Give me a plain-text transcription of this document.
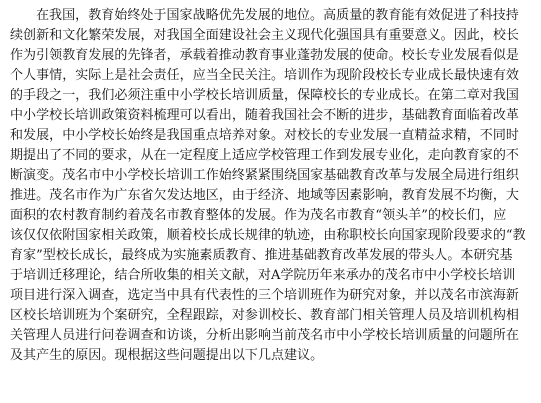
在我国，教育始终处于国家战略优先发展的地位。高质量的教育能有效促进了科技持
续创新和文化繁荣发展，对我国全面建设社会主义现代化强国具有重要意义。因此，校长
作为引领教育发展的先锋者，承载着推动教育事业蓬勃发展的使命。校长专业发展看似是
个人事情，实际上是社会责任，应当全民关注。培训作为现阶段校长专业成长最快速有效
的手段之一，我们必须注重中小学校长培训质量，保障校长的专业成长。在第二章对我国
中小学校长培训政策资料梳理可以看出，随着我国社会不断的进步，基础教育面临着改革
和发展，中小学校长始终是我国重点培养对象。对校长的专业发展一直精益求精，不同时
期提出了不同的要求，从在一定程度上适应学校管理工作到发展专业化，走向教育家的不
断演变。茂名市中小学校长培训工作始终紧紧围绕国家基础教育改革与发展全局进行组织
推进。茂名市作为广东省欠发达地区，由于经济、地域等因素影响，教育发展不均衡，大
面积的农村教育制约着茂名市教育整体的发展。作为茂名市教育“领头羊”的校长们，应
该仅仅依附国家相关政策，顺着校长成长规律的轨迹，由称职校长向国家现阶段要求的“教
育家”型校长成长，最终成为实施素质教育、推进基础教育改革发展的带头人。本研究基
于培训迁移理论，结合所收集的相关文献，对A学院历年来承办的茂名市中小学校长培训
项目进行深入调查，选定当中具有代表性的三个培训班作为研究对象，并以茂名市滨海新
区校长培训班为个案研究，全程跟踪，对参训校长、教育部门相关管理人员及培训机构相
关管理人员进行问卷调查和访谈，分析出影响当前茂名市中小学校长培训质量的问题所在
及其产生的原因。现根据这些问题提出以下几点建议。
